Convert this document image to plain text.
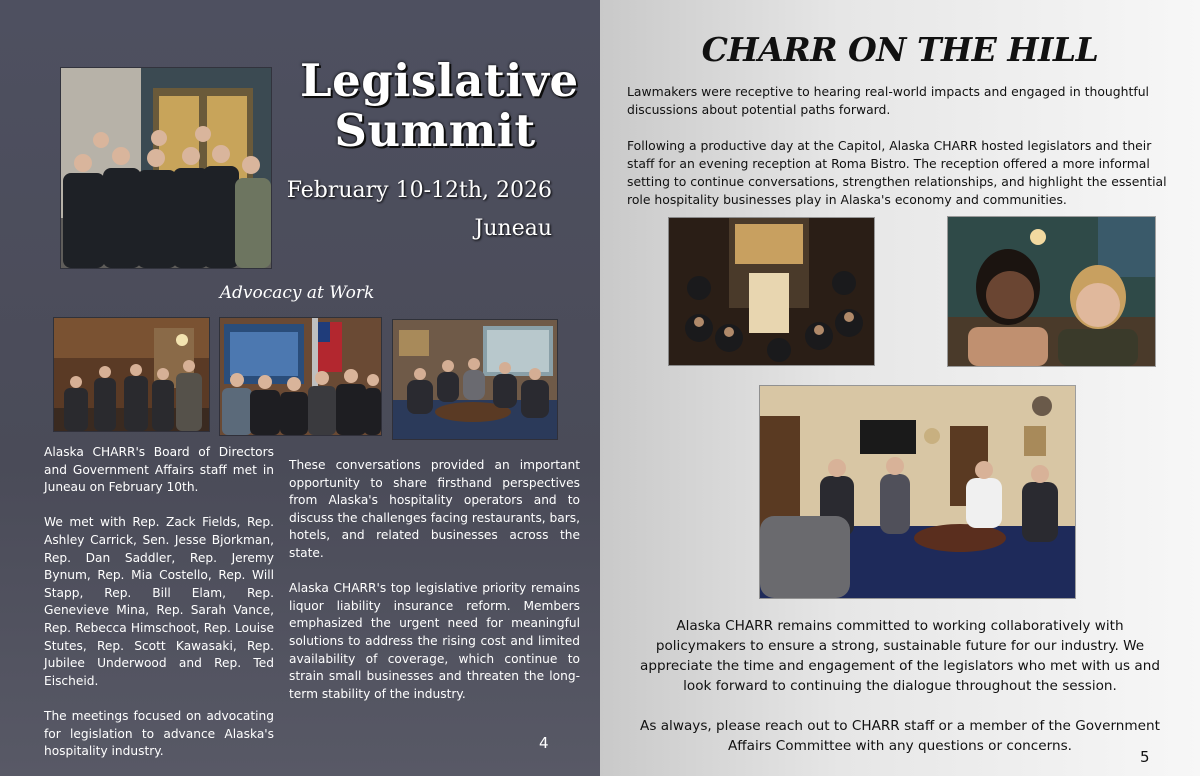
Legislative Summit
February 10-12th, 2026
Juneau
Advocacy at Work

Alaska CHARR's Board of Directors and Government Affairs staff met in Juneau on February 10th.

We met with Rep. Zack Fields, Rep. Ashley Carrick, Sen. Jesse Bjorkman, Rep. Dan Saddler, Rep. Jeremy Bynum, Rep. Mia Costello, Rep. Will Stapp, Rep. Bill Elam, Rep. Genevieve Mina, Rep. Sarah Vance, Rep. Rebecca Himschoot, Rep. Louise Stutes, Rep. Scott Kawasaki, Rep. Jubilee Underwood and Rep. Ted Eischeid.

The meetings focused on advocating for legislation to advance Alaska's hospitality industry.

These conversations provided an important opportunity to share firsthand perspectives from Alaska's hospitality operators and to discuss the challenges facing restaurants, bars, hotels, and related businesses across the state.

Alaska CHARR's top legislative priority remains liquor liability insurance reform. Members emphasized the urgent need for meaningful solutions to address the rising cost and limited availability of coverage, which continue to strain small businesses and threaten the long-term stability of the industry.

4
CHARR ON THE HILL

Lawmakers were receptive to hearing real-world impacts and engaged in thoughtful discussions about potential paths forward.

Following a productive day at the Capitol, Alaska CHARR hosted legislators and their staff for an evening reception at Roma Bistro. The reception offered a more informal setting to continue conversations, strengthen relationships, and highlight the essential role hospitality businesses play in Alaska's economy and communities.

Alaska CHARR remains committed to working collaboratively with policymakers to ensure a strong, sustainable future for our industry. We appreciate the time and engagement of the legislators who met with us and look forward to continuing the dialogue throughout the session.

As always, please reach out to CHARR staff or a member of the Government Affairs Committee with any questions or concerns.

5
